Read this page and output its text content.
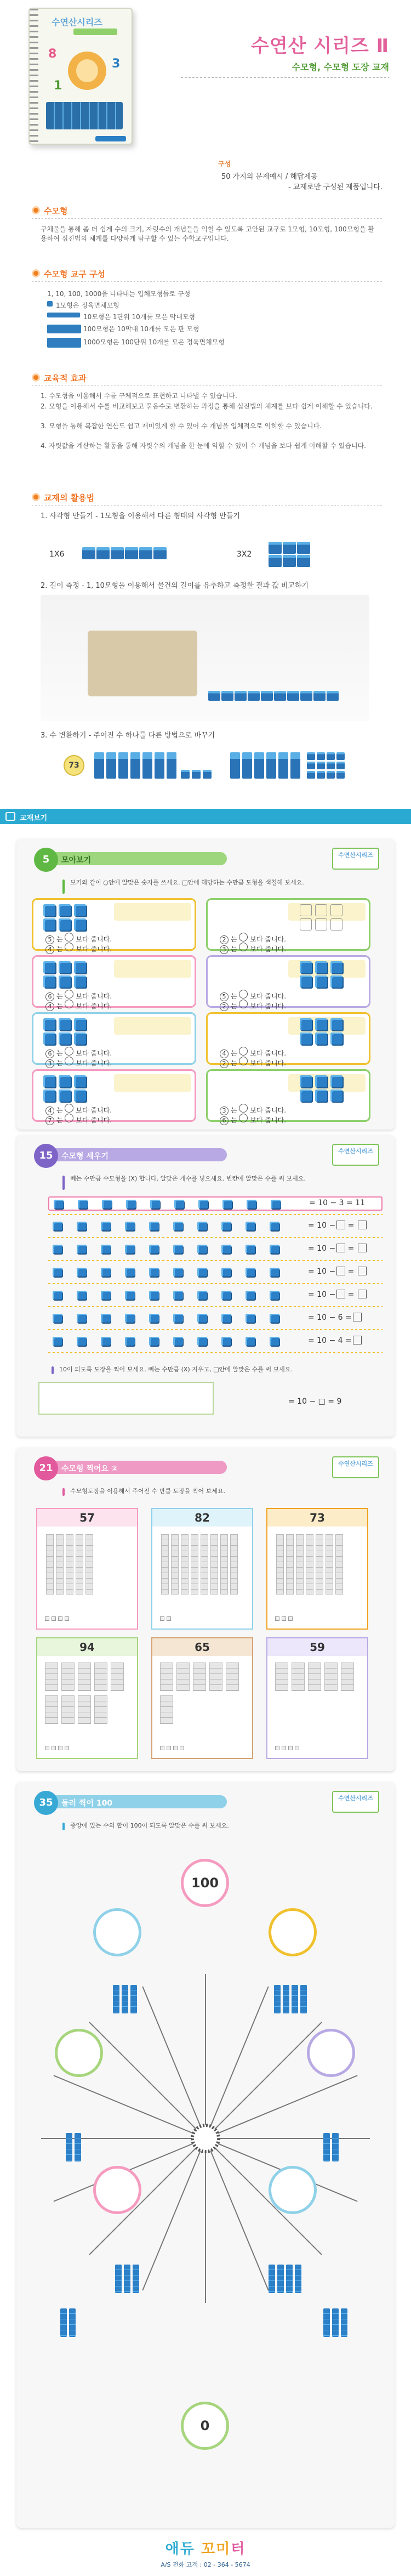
수연산시리즈
8
3
1
수연산 시리즈 Ⅱ
수모형, 수모형 도장 교재
구성
50 가지의 문제예시 / 해답제공
- 교제로만 구성된 제품입니다.
수모형
구체물을 통해 좀 더 쉽게 수의 크기, 자릿수의 개념들을 익힐 수 있도록 고안된 교구로 1모형, 10모형, 100모형을 활용하여 십진법의 체계를 다양하게 탐구할 수 있는 수학교구입니다.
수모형 교구 구성
1, 10, 100, 1000을 나타내는 입체모형들로 구성
1모형은 정육면체모형
10모형은 1단위 10개를 모은 막대모형
100모형은 10막대 10개를 모은 판 모형
1000모형은 100단위 10개를 모은 정육면체모형
교육적 효과
1. 수모형을 이용해서 수를 구체적으로 표현하고 나타낼 수 있습니다.
2. 모형을 이용해서 수를 비교해보고 묶음수로 변환하는 과정을 통해 십진법의 체계를 보다 쉽게 이해할 수 있습니다.
3. 모형을 통해 복잡한 연산도 쉽고 재미있게 할 수 있어 수 개념을 입체적으로 익히할 수 있습니다.
4. 자릿값을 계산하는 활동을 통해 자릿수의 개념을 한 눈에 익힐 수 있어 수 개념을 보다 쉽게 이해할 수 있습니다.
교재의 활용법
1. 사각형 만들기 - 1모형을 이용해서 다른 형태의 사각형 만들기
1X6	3X2
2. 길이 측정 - 1, 10모형을 이용해서 물건의 길이를 유추하고 측정한 결과 값 비교하기
3. 수 변환하기 - 주어진 수 하나를 다른 방법으로 바꾸기
73
교재보기
5	모아보기
수연산시리즈
보기와 같이 ○안에 알맞은 숫자를 쓰세요. □안에 해당하는 수만큼 도형을 색칠해 보세요.
5 는 보다 줍니다.
4 는 보다 줍니다.
2 는 보다 줍니다.
3 는 보다 줍니다.
6 는 보다 줍니다.
4 는 보다 줍니다.
5 는 보다 줍니다.
2 는 보다 줍니다.
6 는 보다 줍니다.
3 는 보다 줍니다.
4 는 보다 줍니다.
2 는 보다 줍니다.
4 는 보다 줍니다.
7 는 보다 줍니다.
3 는 보다 줍니다.
6 는 보다 줍니다.
15	수모형 세우기
수연산시리즈
빼는 수만큼 수모형을 (X) 합니다. 알맞은 개수를 넣으세요. 빈칸에 알맞은 수를 써 보세요.
= 10 − 3 = 11
= 10 − =
= 10 − =
= 10 − =
= 10 − =
= 10 − 6 =
= 10 − 4 =
10이 되도록 도장을 찍어 보세요. 빼는 수만큼 (X) 지우고, □안에 알맞은 수를 써 보세요.
= 10 − □ = 9
21	수모형 찍어요 ②
수연산시리즈
수모형도장을 이용해서 주어진 수 만큼 도장을 찍어 보세요.
57	82	73
94	65	59
35	둘러 찍어 100
수연산시리즈
중앙에 있는 수의 합이 100이 되도록 알맞은 수를 써 보세요.
100
0
애듀 꼬미터
A/S 전화 고객 : 02 - 364 - 5674
